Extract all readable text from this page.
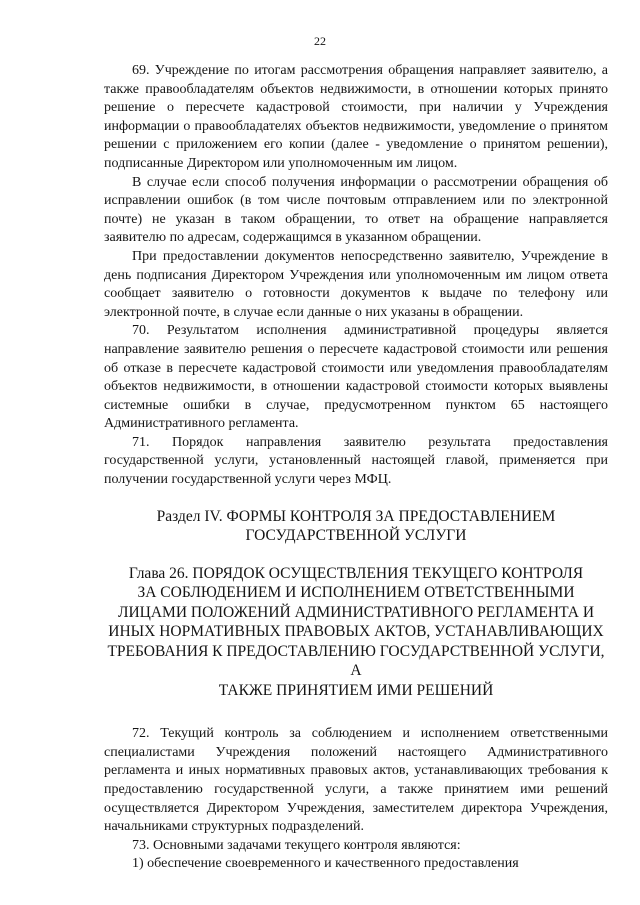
22

69. Учреждение по итогам рассмотрения обращения направляет заявителю, а также правообладателям объектов недвижимости, в отношении которых принято решение о пересчете кадастровой стоимости, при наличии у Учреждения информации о правообладателях объектов недвижимости, уведомление о принятом решении с приложением его копии (далее - уведомление о принятом решении), подписанные Директором или уполномоченным им лицом.

В случае если способ получения информации о рассмотрении обращения об исправлении ошибок (в том числе почтовым отправлением или по электронной почте) не указан в таком обращении, то ответ на обращение направляется заявителю по адресам, содержащимся в указанном обращении.

При предоставлении документов непосредственно заявителю, Учреждение в день подписания Директором Учреждения или уполномоченным им лицом ответа сообщает заявителю о готовности документов к выдаче по телефону или электронной почте, в случае если данные о них указаны в обращении.

70. Результатом исполнения административной процедуры является направление заявителю решения о пересчете кадастровой стоимости или решения об отказе в пересчете кадастровой стоимости или уведомления правообладателям объектов недвижимости, в отношении кадастровой стоимости которых выявлены системные ошибки в случае, предусмотренном пунктом 65 настоящего Административного регламента.

71. Порядок направления заявителю результата предоставления государственной услуги, установленный настоящей главой, применяется при получении государственной услуги через МФЦ.

Раздел IV. ФОРМЫ КОНТРОЛЯ ЗА ПРЕДОСТАВЛЕНИЕМ
ГОСУДАРСТВЕННОЙ УСЛУГИ
Глава 26. ПОРЯДОК ОСУЩЕСТВЛЕНИЯ ТЕКУЩЕГО КОНТРОЛЯ
ЗА СОБЛЮДЕНИЕМ И ИСПОЛНЕНИЕМ ОТВЕТСТВЕННЫМИ
ЛИЦАМИ ПОЛОЖЕНИЙ АДМИНИСТРАТИВНОГО РЕГЛАМЕНТА И
ИНЫХ НОРМАТИВНЫХ ПРАВОВЫХ АКТОВ, УСТАНАВЛИВАЮЩИХ
ТРЕБОВАНИЯ К ПРЕДОСТАВЛЕНИЮ ГОСУДАРСТВЕННОЙ УСЛУГИ, А
ТАКЖЕ ПРИНЯТИЕМ ИМИ РЕШЕНИЙ

72. Текущий контроль за соблюдением и исполнением ответственными специалистами Учреждения положений настоящего Административного регламента и иных нормативных правовых актов, устанавливающих требования к предоставлению государственной услуги, а также принятием ими решений осуществляется Директором Учреждения, заместителем директора Учреждения, начальниками структурных подразделений.

73. Основными задачами текущего контроля являются:

1) обеспечение своевременного и качественного предоставления
